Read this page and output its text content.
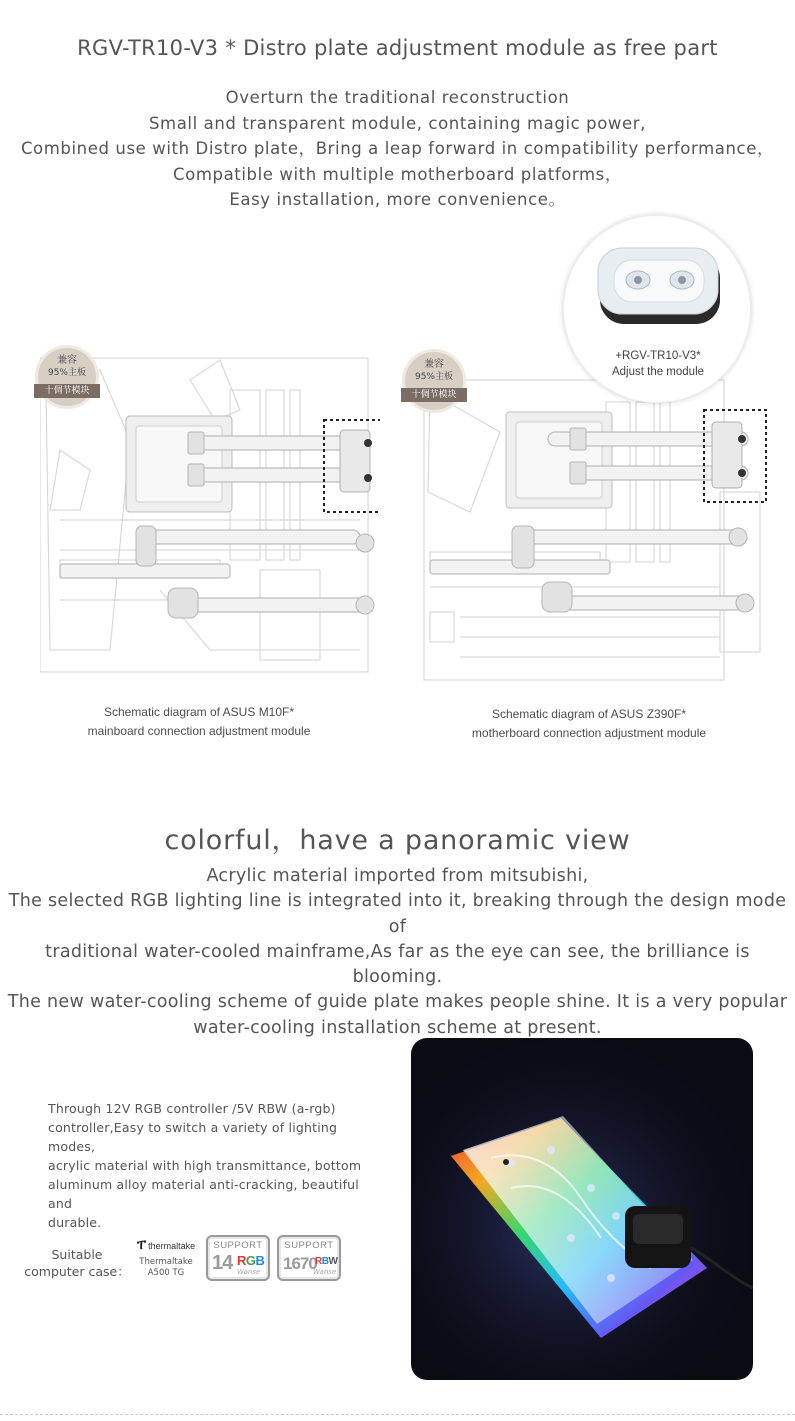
RGV-TR10-V3 * Distro plate adjustment module as free part
Overturn the traditional reconstruction
Small and transparent module, containing magic power,
Combined use with Distro plate，Bring a leap forward in compatibility performance，
Compatible with multiple motherboard platforms，
Easy installation, more convenience。
兼容
95%主板
十倜节模块
兼容
95%主板
十倜节模块
+RGV-TR10-V3*
Adjust the module
Schematic diagram of ASUS M10F*
mainboard connection adjustment module
Schematic diagram of ASUS Z390F*
motherboard connection adjustment module
colorful，have a panoramic view
Acrylic material imported from mitsubishi,
The selected RGB lighting line is integrated into it, breaking through the design mode of
traditional water-cooled mainframe,As far as the eye can see, the brilliance is blooming.
The new water-cooling scheme of guide plate makes people shine. It is a very popular
water-cooling installation scheme at present.
Through 12V RGB controller /5V RBW (a-rgb)
controller,Easy to switch a variety of lighting modes,
acrylic material with high transmittance, bottom
aluminum alloy material anti-cracking, beautiful and
durable.
Suitable
computer case：
ፐ thermaltake
Thermaltake
A500 TG
SUPPORT
14 RGB
Wanse
SUPPORT
1670
RBW
Wanse
